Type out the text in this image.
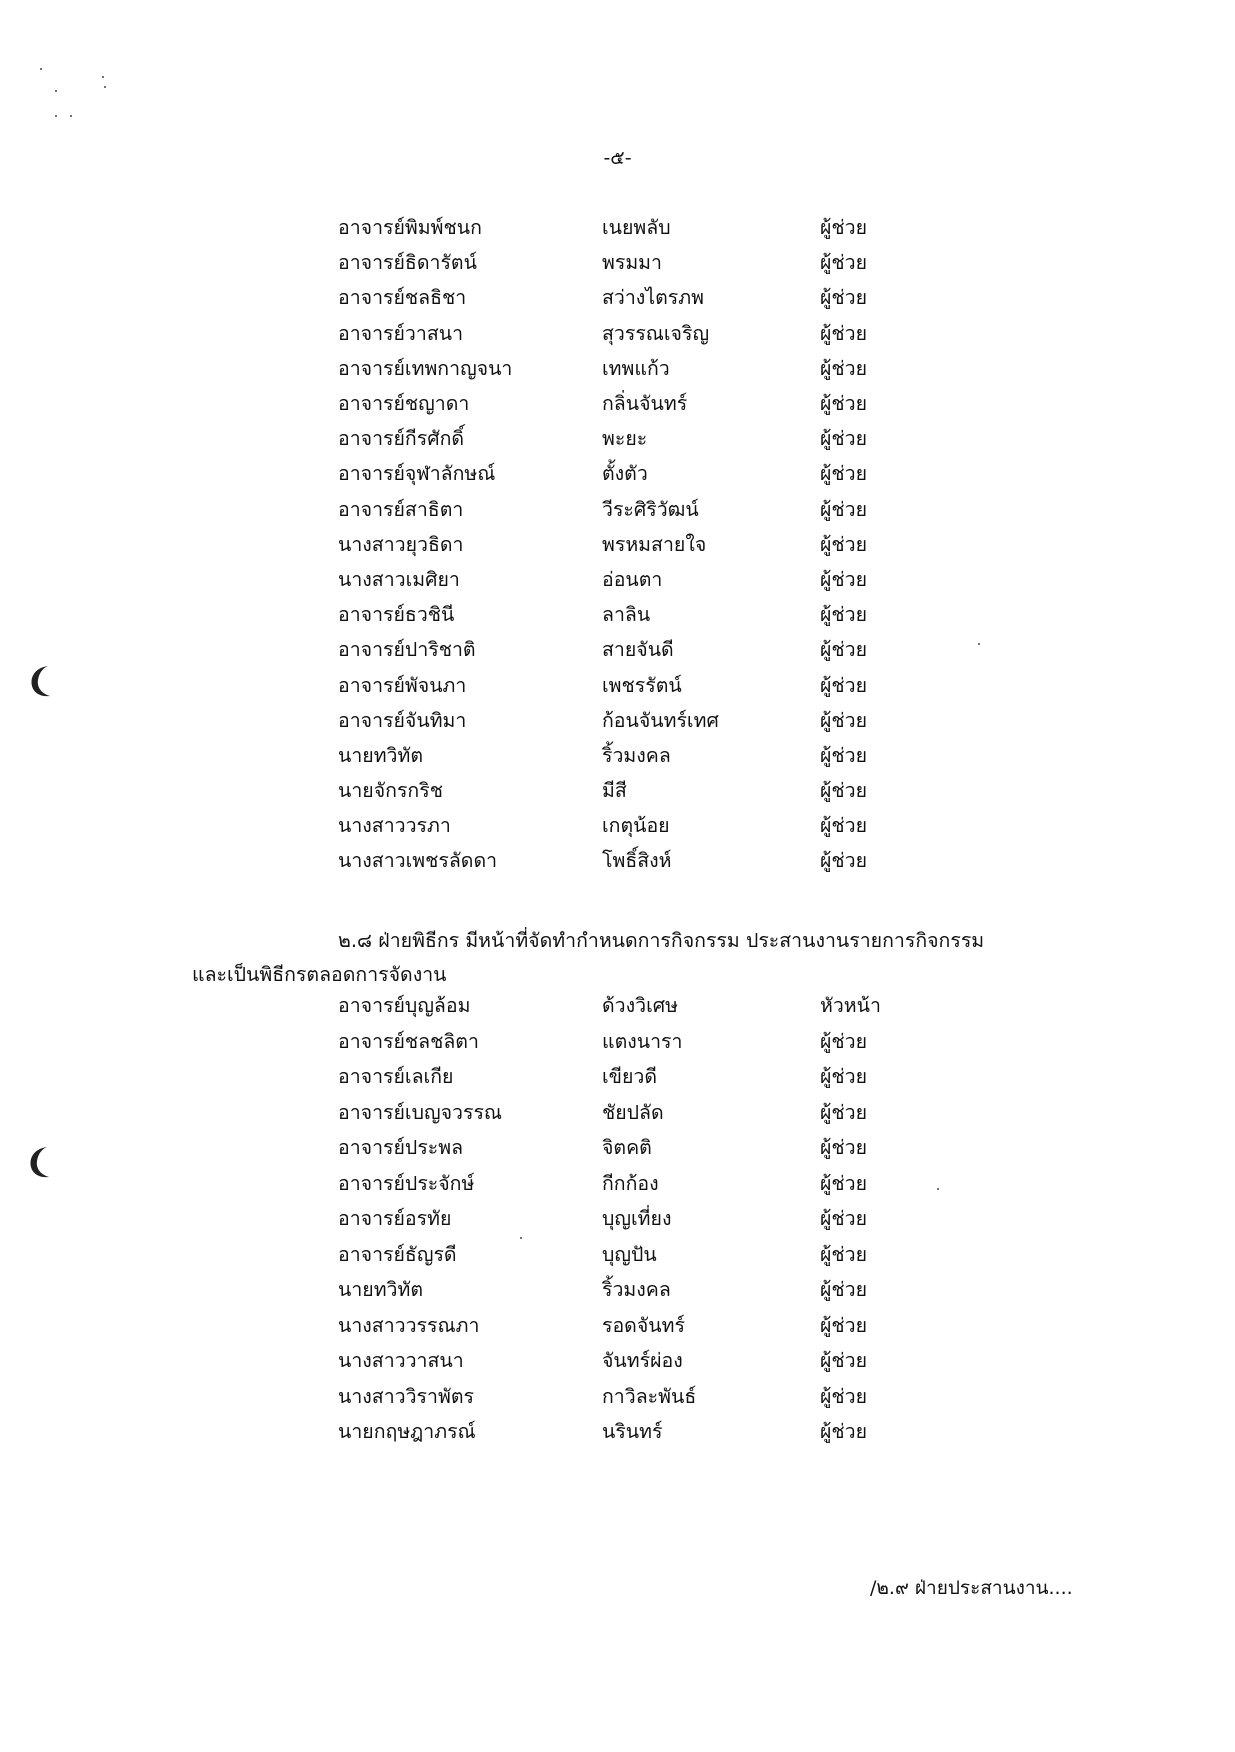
-๕-
อาจารย์พิมพ์ชนก	เนยพลับ	ผู้ช่วย
อาจารย์ธิดารัตน์	พรมมา	ผู้ช่วย
อาจารย์ชลธิชา	สว่างไตรภพ	ผู้ช่วย
อาจารย์วาสนา	สุวรรณเจริญ	ผู้ช่วย
อาจารย์เทพกาญจนา	เทพแก้ว	ผู้ช่วย
อาจารย์ชญาดา	กลิ่นจันทร์	ผู้ช่วย
อาจารย์กีรศักดิ์	พะยะ	ผู้ช่วย
อาจารย์จุฬาลักษณ์	ตั้งตัว	ผู้ช่วย
อาจารย์สาธิตา	วีระศิริวัฒน์	ผู้ช่วย
นางสาวยุวธิดา	พรหมสายใจ	ผู้ช่วย
นางสาวเมศิยา	อ่อนตา	ผู้ช่วย
อาจารย์ธวชินี	ลาลิน	ผู้ช่วย
อาจารย์ปาริชาติ	สายจันดี	ผู้ช่วย
อาจารย์พัจนภา	เพชรรัตน์	ผู้ช่วย
อาจารย์จันทิมา	ก้อนจันทร์เทศ	ผู้ช่วย
นายทวิทัต	ริ้วมงคล	ผู้ช่วย
นายจักรกริช	มีสี	ผู้ช่วย
นางสาววรภา	เกตุน้อย	ผู้ช่วย
นางสาวเพชรลัดดา	โพธิ์สิงห์	ผู้ช่วย
๒.๘ ฝ่ายพิธีกร มีหน้าที่จัดทำกำหนดการกิจกรรม ประสานงานรายการกิจกรรม
และเป็นพิธีกรตลอดการจัดงาน
อาจารย์บุญล้อม	ด้วงวิเศษ	หัวหน้า
อาจารย์ชลชลิตา	แตงนารา	ผู้ช่วย
อาจารย์เลเกีย	เขียวดี	ผู้ช่วย
อาจารย์เบญจวรรณ	ชัยปลัด	ผู้ช่วย
อาจารย์ประพล	จิตคติ	ผู้ช่วย
อาจารย์ประจักษ์	กีกก้อง	ผู้ช่วย
อาจารย์อรทัย	บุญเที่ยง	ผู้ช่วย
อาจารย์ธัญรดี	บุญปัน	ผู้ช่วย
นายทวิทัต	ริ้วมงคล	ผู้ช่วย
นางสาววรรณภา	รอดจันทร์	ผู้ช่วย
นางสาววาสนา	จันทร์ผ่อง	ผู้ช่วย
นางสาววิราพัตร	กาวิละพันธ์	ผู้ช่วย
นายกฤษฎาภรณ์	นรินทร์	ผู้ช่วย
/๒.๙ ฝ่ายประสานงาน....
